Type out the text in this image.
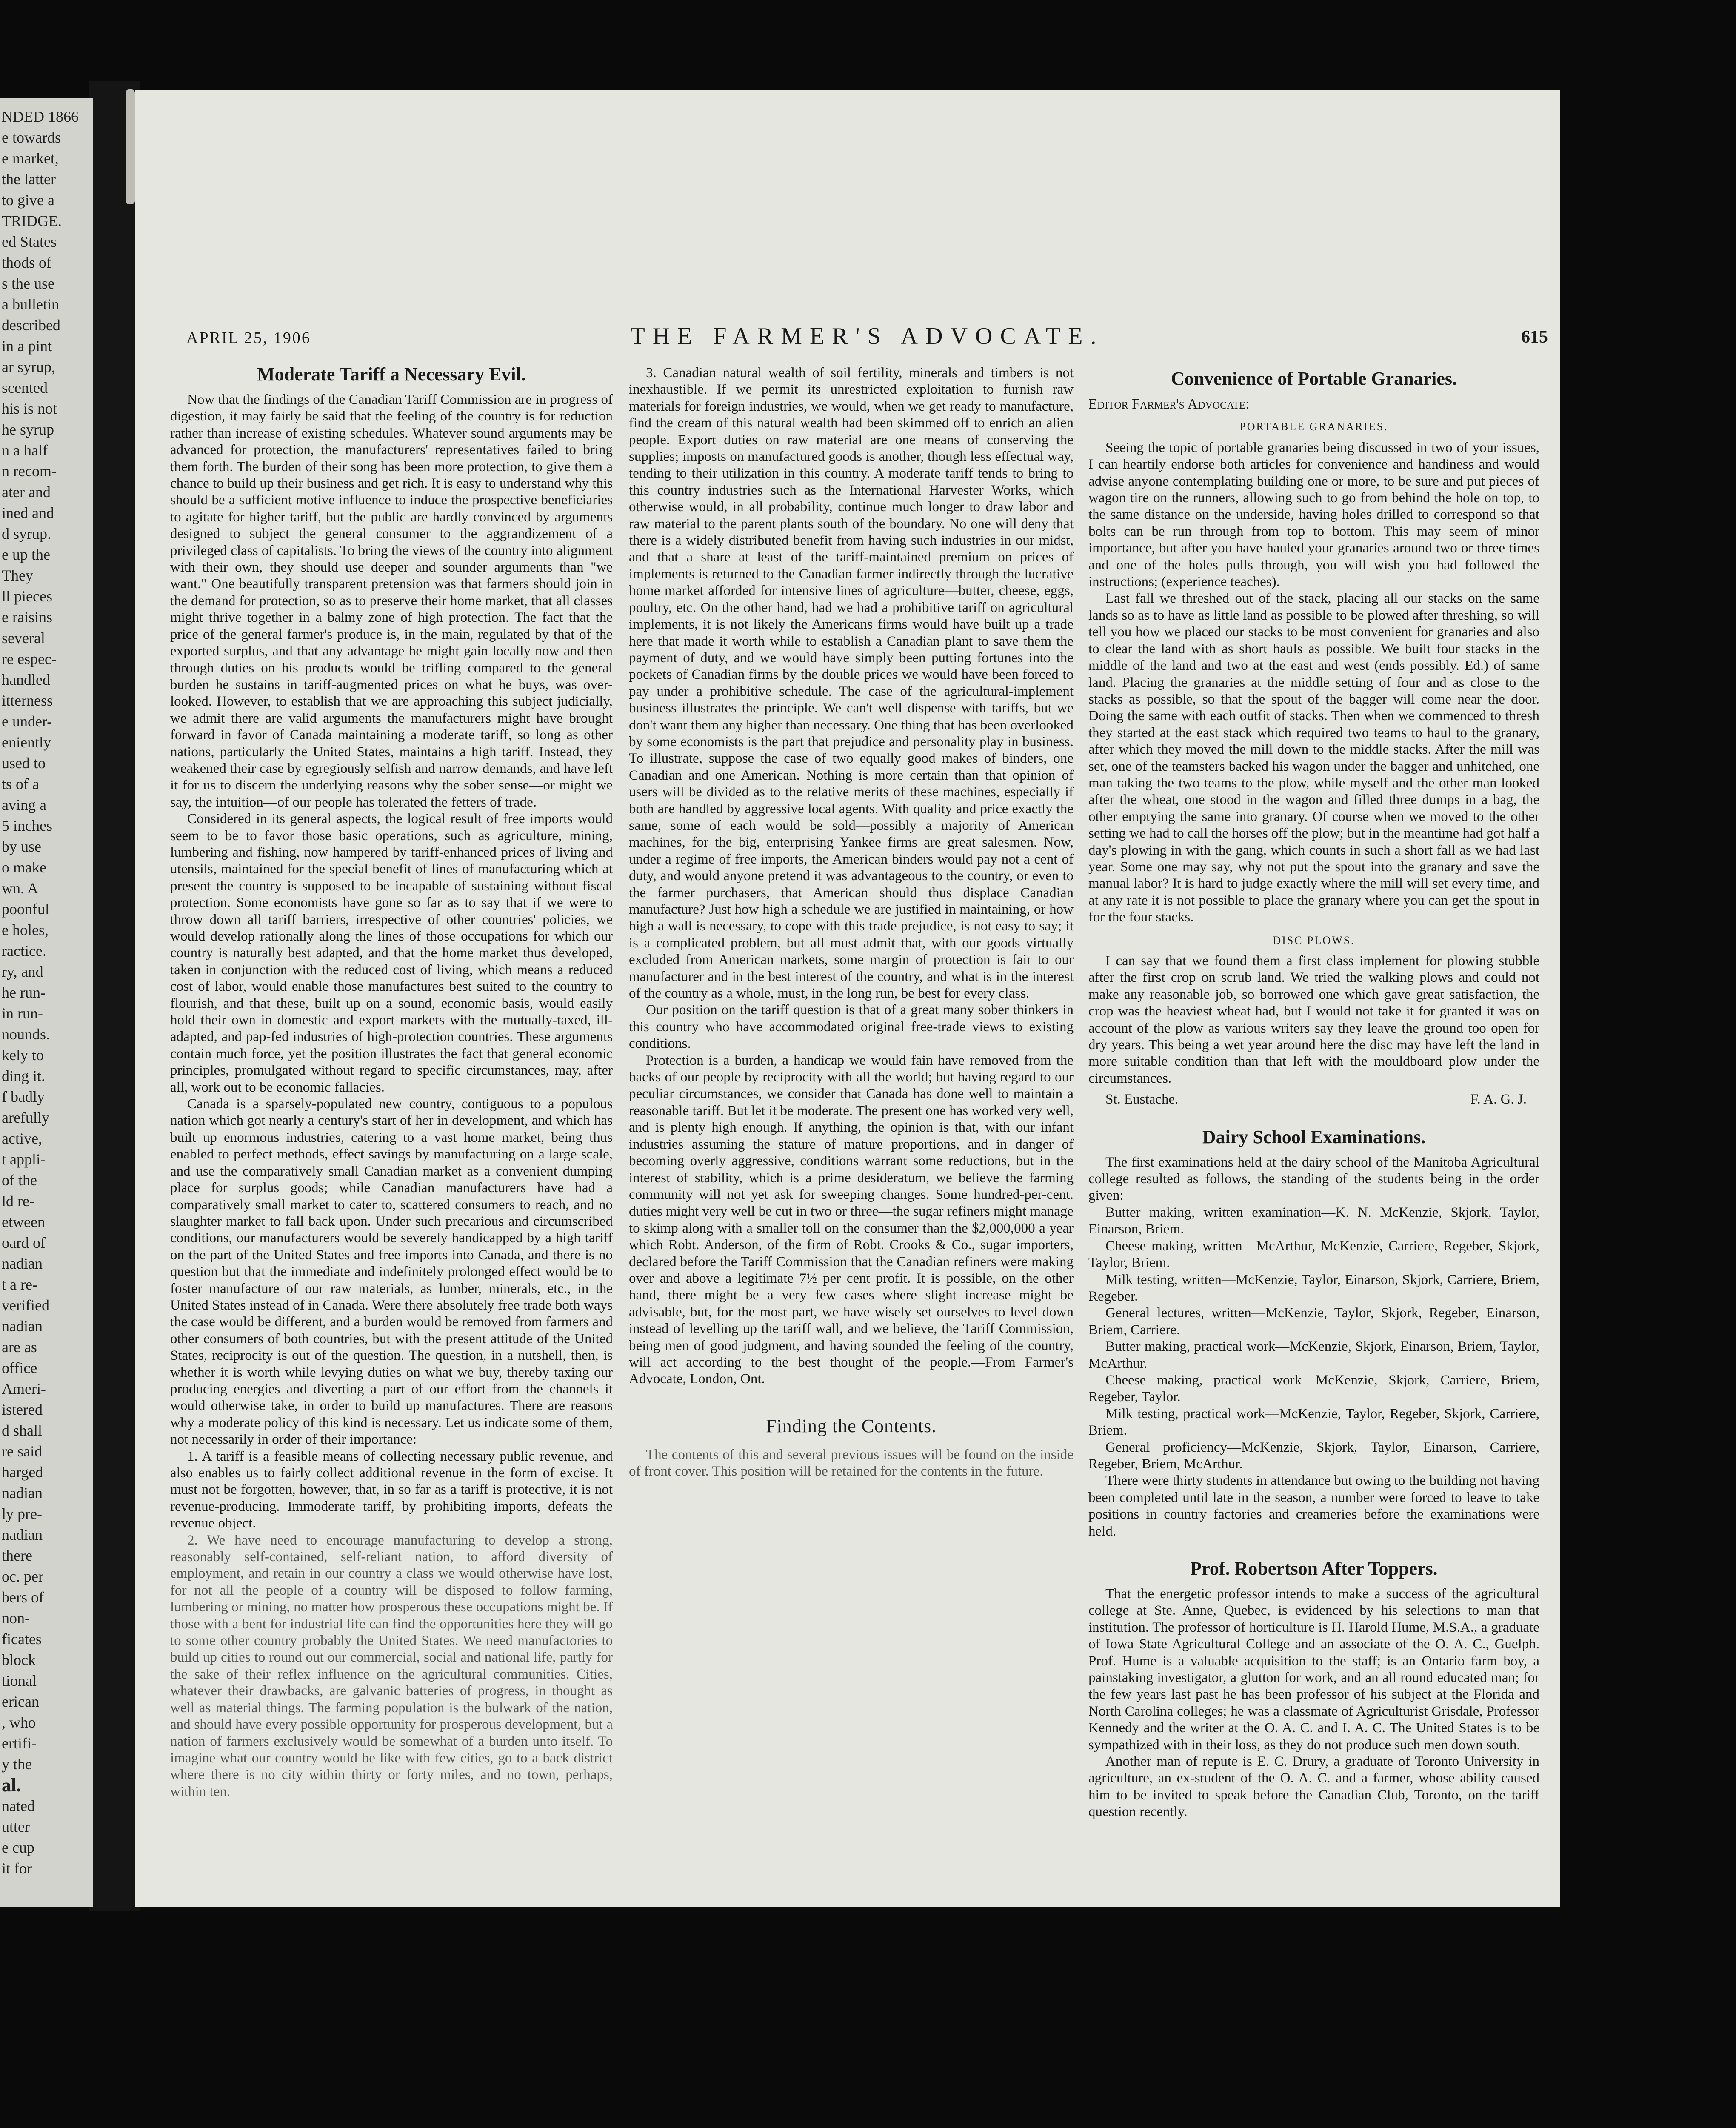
NDED 1866
e towards
e market,
the latter
to give a
TRIDGE.
ed States
thods of
s the use
a bulletin
described
in a pint
ar syrup,
scented
his is not
he syrup
n a half
n recom-
ater and
ined and
d syrup.
e up the
They
ll pieces
e raisins
several
re espec-
handled
itterness
e under-
eniently
used to
ts of a
aving a
5 inches
by use
o make
wn. A
poonful
e holes,
ractice.
ry, and
he run-
in run-
nounds.
kely to
ding it.
f badly
arefully
active,
t appli-
of the
ld re-
etween
oard of
nadian
t a re-
verified
nadian
are as
office
Ameri-
istered
d shall
re said
harged
nadian
ly pre-
nadian
there
oc. per
bers of
non-
ficates
block
tional
erican
, who
ertifi-
y the
al.
nated
utter
e cup
it for
APRIL 25, 1906	THE FARMER'S ADVOCATE.	615
Moderate Tariff a Necessary Evil.

Now that the findings of the Canadian Tariff Commission are in progress of digestion, it may fairly be said that the feeling of the country is for reduction rather than increase of existing schedules. Whatever sound arguments may be advanced for protection, the manufacturers' representatives failed to bring them forth. The burden of their song has been more protection, to give them a chance to build up their business and get rich. It is easy to understand why this should be a sufficient motive influence to induce the prospective beneficiaries to agitate for higher tariff, but the public are hardly convinced by arguments designed to subject the general consumer to the aggrandizement of a privileged class of capitalists. To bring the views of the country into alignment with their own, they should use deeper and sounder arguments than "we want." One beautifully transparent pretension was that farmers should join in the demand for protection, so as to preserve their home market, that all classes might thrive together in a balmy zone of high protection. The fact that the price of the general farmer's produce is, in the main, regulated by that of the exported surplus, and that any advantage he might gain locally now and then through duties on his products would be trifling compared to the general burden he sustains in tariff-augmented prices on what he buys, was over-looked. However, to establish that we are approaching this subject judicially, we admit there are valid arguments the manufacturers might have brought forward in favor of Canada maintaining a moderate tariff, so long as other nations, particularly the United States, maintains a high tariff. Instead, they weakened their case by egregiously selfish and narrow demands, and have left it for us to discern the underlying reasons why the sober sense—or might we say, the intuition—of our people has tolerated the fetters of trade.

Considered in its general aspects, the logical result of free imports would seem to be to favor those basic operations, such as agriculture, mining, lumbering and fishing, now hampered by tariff-enhanced prices of living and utensils, maintained for the special benefit of lines of manufacturing which at present the country is supposed to be incapable of sustaining without fiscal protection. Some economists have gone so far as to say that if we were to throw down all tariff barriers, irrespective of other countries' policies, we would develop rationally along the lines of those occupations for which our country is naturally best adapted, and that the home market thus developed, taken in conjunction with the reduced cost of living, which means a reduced cost of labor, would enable those manufactures best suited to the country to flourish, and that these, built up on a sound, economic basis, would easily hold their own in domestic and export markets with the mutually-taxed, ill-adapted, and pap-fed industries of high-protection countries. These arguments contain much force, yet the position illustrates the fact that general economic principles, promulgated without regard to specific circumstances, may, after all, work out to be economic fallacies.

Canada is a sparsely-populated new country, contiguous to a populous nation which got nearly a century's start of her in development, and which has built up enormous industries, catering to a vast home market, being thus enabled to perfect methods, effect savings by manufacturing on a large scale, and use the comparatively small Canadian market as a convenient dumping place for surplus goods; while Canadian manufacturers have had a comparatively small market to cater to, scattered consumers to reach, and no slaughter market to fall back upon. Under such precarious and circumscribed conditions, our manufacturers would be severely handicapped by a high tariff on the part of the United States and free imports into Canada, and there is no question but that the immediate and indefinitely prolonged effect would be to foster manufacture of our raw materials, as lumber, minerals, etc., in the United States instead of in Canada. Were there absolutely free trade both ways the case would be different, and a burden would be removed from farmers and other consumers of both countries, but with the present attitude of the United States, reciprocity is out of the question. The question, in a nutshell, then, is whether it is worth while levying duties on what we buy, thereby taxing our producing energies and diverting a part of our effort from the channels it would otherwise take, in order to build up manufactures. There are reasons why a moderate policy of this kind is necessary. Let us indicate some of them, not necessarily in order of their importance:

1. A tariff is a feasible means of collecting necessary public revenue, and also enables us to fairly collect additional revenue in the form of excise. It must not be forgotten, however, that, in so far as a tariff is protective, it is not revenue-producing. Immoderate tariff, by prohibiting imports, defeats the revenue object.

2. We have need to encourage manufacturing to develop a strong, reasonably self-contained, self-reliant nation, to afford diversity of employment, and retain in our country a class we would otherwise have lost, for not all the people of a country will be disposed to follow farming, lumbering or mining, no matter how prosperous these occupations might be. If those with a bent for industrial life can find the opportunities here they will go to some other country probably the United States. We need manufactories to build up cities to round out our commercial, social and national life, partly for the sake of their reflex influence on the agricultural communities. Cities, whatever their drawbacks, are galvanic batteries of progress, in thought as well as material things. The farming population is the bulwark of the nation, and should have every possible opportunity for prosperous development, but a nation of farmers exclusively would be somewhat of a burden unto itself. To imagine what our country would be like with few cities, go to a back district where there is no city within thirty or forty miles, and no town, perhaps, within ten.

3. Canadian natural wealth of soil fertility, minerals and timbers is not inexhaustible. If we permit its unrestricted exploitation to furnish raw materials for foreign industries, we would, when we get ready to manufacture, find the cream of this natural wealth had been skimmed off to enrich an alien people. Export duties on raw material are one means of conserving the supplies; imposts on manufactured goods is another, though less effectual way, tending to their utilization in this country. A moderate tariff tends to bring to this country industries such as the International Harvester Works, which otherwise would, in all probability, continue much longer to draw labor and raw material to the parent plants south of the boundary. No one will deny that there is a widely distributed benefit from having such industries in our midst, and that a share at least of the tariff-maintained premium on prices of implements is returned to the Canadian farmer indirectly through the lucrative home market afforded for intensive lines of agriculture—butter, cheese, eggs, poultry, etc. On the other hand, had we had a prohibitive tariff on agricultural implements, it is not likely the Americans firms would have built up a trade here that made it worth while to establish a Canadian plant to save them the payment of duty, and we would have simply been putting fortunes into the pockets of Canadian firms by the double prices we would have been forced to pay under a prohibitive schedule. The case of the agricultural-implement business illustrates the principle. We can't well dispense with tariffs, but we don't want them any higher than necessary. One thing that has been overlooked by some economists is the part that prejudice and personality play in business. To illustrate, suppose the case of two equally good makes of binders, one Canadian and one American. Nothing is more certain than that opinion of users will be divided as to the relative merits of these machines, especially if both are handled by aggressive local agents. With quality and price exactly the same, some of each would be sold—possibly a majority of American machines, for the big, enterprising Yankee firms are great salesmen. Now, under a regime of free imports, the American binders would pay not a cent of duty, and would anyone pretend it was advantageous to the country, or even to the farmer purchasers, that American should thus displace Canadian manufacture? Just how high a schedule we are justified in maintaining, or how high a wall is necessary, to cope with this trade prejudice, is not easy to say; it is a complicated problem, but all must admit that, with our goods virtually excluded from American markets, some margin of protection is fair to our manufacturer and in the best interest of the country, and what is in the interest of the country as a whole, must, in the long run, be best for every class.

Our position on the tariff question is that of a great many sober thinkers in this country who have accommodated original free-trade views to existing conditions.

Protection is a burden, a handicap we would fain have removed from the backs of our people by reciprocity with all the world; but having regard to our peculiar circumstances, we consider that Canada has done well to maintain a reasonable tariff. But let it be moderate. The present one has worked very well, and is plenty high enough. If anything, the opinion is that, with our infant industries assuming the stature of mature proportions, and in danger of becoming overly aggressive, conditions warrant some reductions, but in the interest of stability, which is a prime desideratum, we believe the farming community will not yet ask for sweeping changes. Some hundred-per-cent. duties might very well be cut in two or three—the sugar refiners might manage to skimp along with a smaller toll on the consumer than the $2,000,000 a year which Robt. Anderson, of the firm of Robt. Crooks & Co., sugar importers, declared before the Tariff Commission that the Canadian refiners were making over and above a legitimate 7½ per cent profit. It is possible, on the other hand, there might be a very few cases where slight increase might be advisable, but, for the most part, we have wisely set ourselves to level down instead of levelling up the tariff wall, and we believe, the Tariff Commission, being men of good judgment, and having sounded the feeling of the country, will act according to the best thought of the people.—From Farmer's Advocate, London, Ont.

Finding the Contents.

The contents of this and several previous issues will be found on the inside of front cover. This position will be retained for the contents in the future.

Convenience of Portable Granaries.
Editor Farmer's Advocate:
PORTABLE GRANARIES.

Seeing the topic of portable granaries being discussed in two of your issues, I can heartily endorse both articles for convenience and handiness and would advise anyone contemplating building one or more, to be sure and put pieces of wagon tire on the runners, allowing such to go from behind the hole on top, to the same distance on the underside, having holes drilled to correspond so that bolts can be run through from top to bottom. This may seem of minor importance, but after you have hauled your granaries around two or three times and one of the holes pulls through, you will wish you had followed the instructions; (experience teaches).

Last fall we threshed out of the stack, placing all our stacks on the same lands so as to have as little land as possible to be plowed after threshing, so will tell you how we placed our stacks to be most convenient for granaries and also to clear the land with as short hauls as possible. We built four stacks in the middle of the land and two at the east and west (ends possibly. Ed.) of same land. Placing the granaries at the middle setting of four and as close to the stacks as possible, so that the spout of the bagger will come near the door. Doing the same with each outfit of stacks. Then when we commenced to thresh they started at the east stack which required two teams to haul to the granary, after which they moved the mill down to the middle stacks. After the mill was set, one of the teamsters backed his wagon under the bagger and unhitched, one man taking the two teams to the plow, while myself and the other man looked after the wheat, one stood in the wagon and filled three dumps in a bag, the other emptying the same into granary. Of course when we moved to the other setting we had to call the horses off the plow; but in the meantime had got half a day's plowing in with the gang, which counts in such a short fall as we had last year. Some one may say, why not put the spout into the granary and save the manual labor? It is hard to judge exactly where the mill will set every time, and at any rate it is not possible to place the granary where you can get the spout in for the four stacks.

DISC PLOWS.

I can say that we found them a first class implement for plowing stubble after the first crop on scrub land. We tried the walking plows and could not make any reasonable job, so borrowed one which gave great satisfaction, the crop was the heaviest wheat had, but I would not take it for granted it was on account of the plow as various writers say they leave the ground too open for dry years. This being a wet year around here the disc may have left the land in more suitable condition than that left with the mouldboard plow under the circumstances.

St. Eustache.	F. A. G. J.
Dairy School Examinations.

The first examinations held at the dairy school of the Manitoba Agricultural college resulted as follows, the standing of the students being in the order given:

Butter making, written examination—K. N. McKenzie, Skjork, Taylor, Einarson, Briem.

Cheese making, written—McArthur, McKenzie, Carriere, Regeber, Skjork, Taylor, Briem.

Milk testing, written—McKenzie, Taylor, Einarson, Skjork, Carriere, Briem, Regeber.

General lectures, written—McKenzie, Taylor, Skjork, Regeber, Einarson, Briem, Carriere.

Butter making, practical work—McKenzie, Skjork, Einarson, Briem, Taylor, McArthur.

Cheese making, practical work—McKenzie, Skjork, Carriere, Briem, Regeber, Taylor.

Milk testing, practical work—McKenzie, Taylor, Regeber, Skjork, Carriere, Briem.

General proficiency—McKenzie, Skjork, Taylor, Einarson, Carriere, Regeber, Briem, McArthur.

There were thirty students in attendance but owing to the building not having been completed until late in the season, a number were forced to leave to take positions in country factories and creameries before the examinations were held.

Prof. Robertson After Toppers.

That the energetic professor intends to make a success of the agricultural college at Ste. Anne, Quebec, is evidenced by his selections to man that institution. The professor of horticulture is H. Harold Hume, M.S.A., a graduate of Iowa State Agricultural College and an associate of the O. A. C., Guelph. Prof. Hume is a valuable acquisition to the staff; is an Ontario farm boy, a painstaking investigator, a glutton for work, and an all round educated man; for the few years last past he has been professor of his subject at the Florida and North Carolina colleges; he was a classmate of Agriculturist Grisdale, Professor Kennedy and the writer at the O. A. C. and I. A. C. The United States is to be sympathized with in their loss, as they do not produce such men down south.

Another man of repute is E. C. Drury, a graduate of Toronto University in agriculture, an ex-student of the O. A. C. and a farmer, whose ability caused him to be invited to speak before the Canadian Club, Toronto, on the tariff question recently.
